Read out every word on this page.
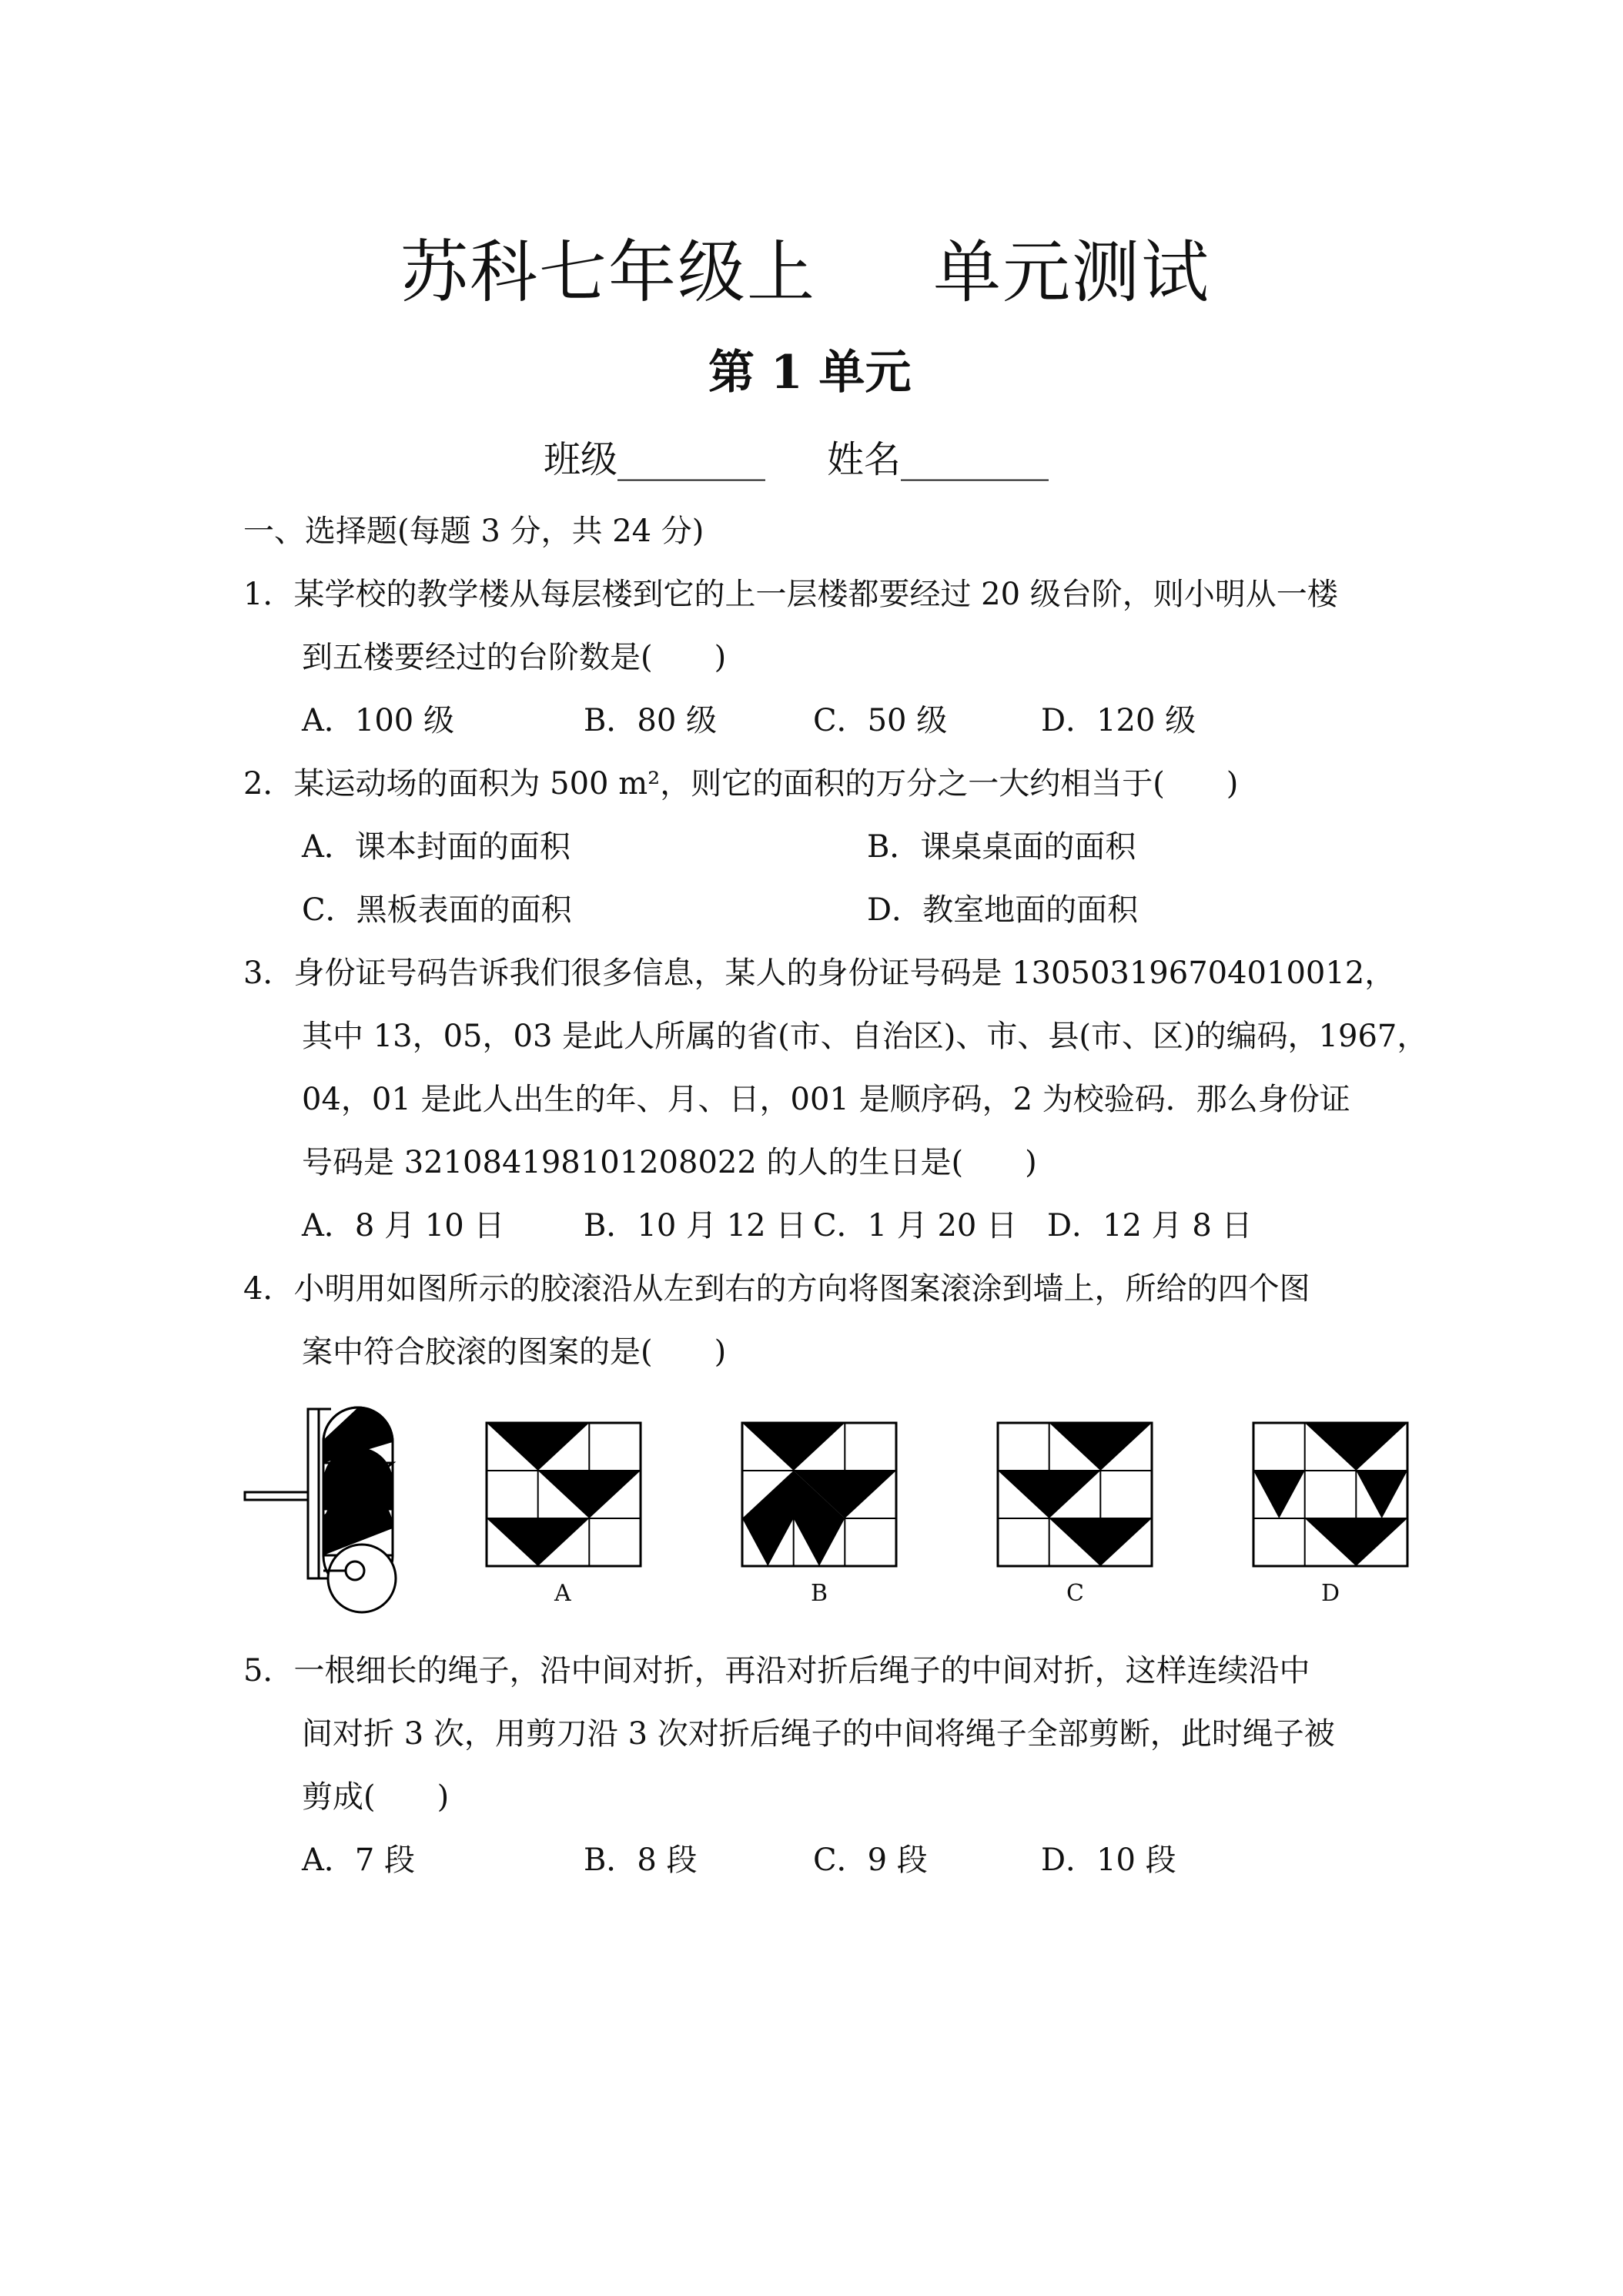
苏科七年级上 单元测试
第 1 单元
班级________ 姓名________
一、选择题(每题 3 分，共 24 分)
1．某学校的教学楼从每层楼到它的上一层楼都要经过 20 级台阶，则小明从一楼
到五楼要经过的台阶数是(　　)
A．100 级	B．80 级	C．50 级	D．120 级
2．某运动场的面积为 500 m²，则它的面积的万分之一大约相当于(　　)
A．课本封面的面积	B．课桌桌面的面积
C．黑板表面的面积	D．教室地面的面积
3．身份证号码告诉我们很多信息，某人的身份证号码是 130503196704010012，
其中 13，05，03 是此人所属的省(市、自治区)、市、县(市、区)的编码，1967，
04，01 是此人出生的年、月、日，001 是顺序码，2 为校验码．那么身份证
号码是 321084198101208022 的人的生日是(　　)
A．8 月 10 日	B．10 月 12 日 C．1 月 20 日 D．12 月 8 日
4．小明用如图所示的胶滚沿从左到右的方向将图案滚涂到墙上，所给的四个图
案中符合胶滚的图案的是(　　)
A	B	C	D
5．一根细长的绳子，沿中间对折，再沿对折后绳子的中间对折，这样连续沿中
间对折 3 次，用剪刀沿 3 次对折后绳子的中间将绳子全部剪断，此时绳子被
剪成(　　)
A．7 段	B．8 段	C．9 段	D．10 段
